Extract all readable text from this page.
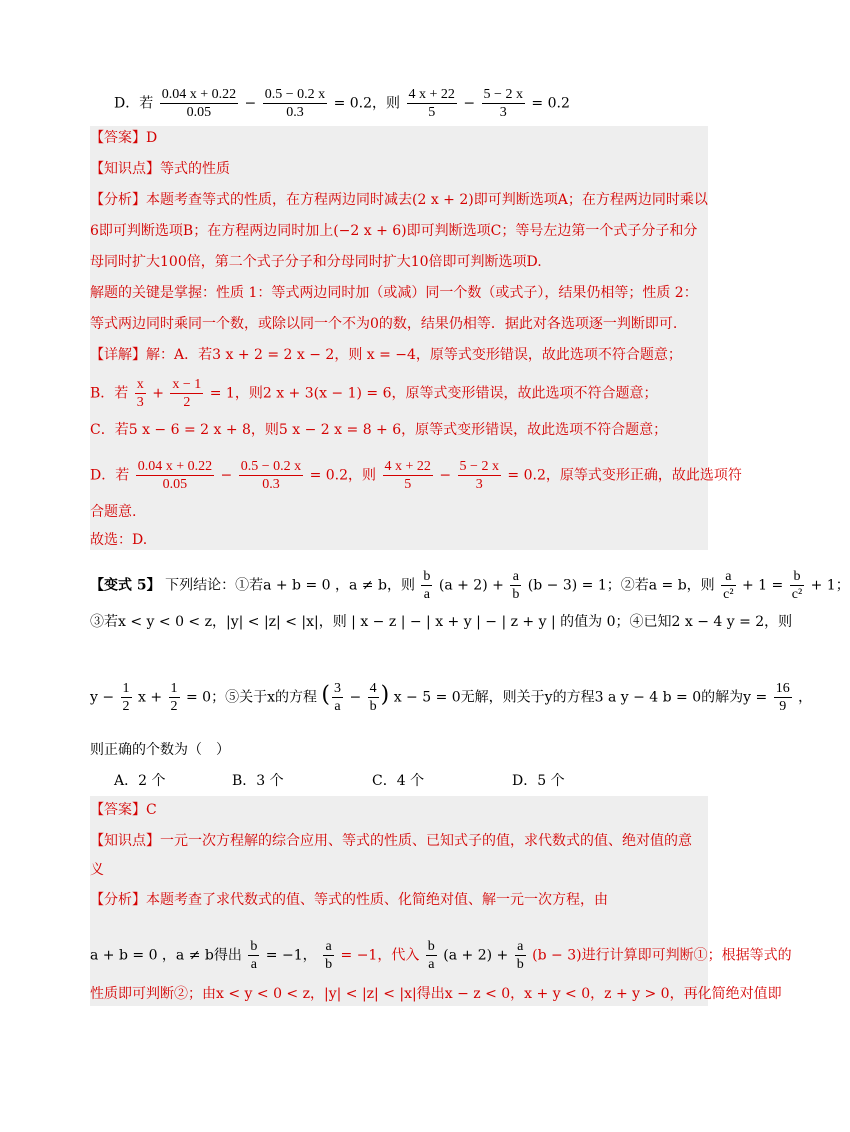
D．若 $\frac{0.04 x + 0.22}{0.05} - \frac{0.5 - 0.2 x}{0.3} = 0.2$，则 $\frac{4 x + 22}{5} - \frac{5 - 2 x}{3} = 0.2$
【答案】D
【知识点】等式的性质
【分析】本题考查等式的性质，在方程两边同时减去(2 x + 2)即可判断选项A；在方程两边同时乘以
6即可判断选项B；在方程两边同时加上(−2 x + 6)即可判断选项C；等号左边第一个式子分子和分
母同时扩大100倍，第二个式子分子和分母同时扩大10倍即可判断选项D.
解题的关键是掌握：性质 1：等式两边同时加（或减）同一个数（或式子），结果仍相等；性质 2：
等式两边同时乘同一个数，或除以同一个不为0的数，结果仍相等．据此对各选项逐一判断即可.
【详解】解：A．若3 x + 2 = 2 x − 2，则 x = −4，原等式变形错误，故此选项不符合题意；
B．若 $\frac{x}{3} + \frac{x - 1}{2} = 1$，则2 x + 3(x − 1) = 6，原等式变形错误，故此选项不符合题意；
C．若5 x − 6 = 2 x + 8，则5 x − 2 x = 8 + 6，原等式变形错误，故此选项不符合题意；
D．若 $\frac{0.04 x + 0.22}{0.05} - \frac{0.5 - 0.2 x}{0.3} = 0.2$，则 $\frac{4 x + 22}{5} - \frac{5 - 2 x}{3} = 0.2$，原等式变形正确，故此选项符
合题意.
故选：D.
【变式 5】 下列结论：①若a + b = 0 ，a ≠ b，则 $\frac{b}{a} (a + 2) + \frac{a}{b} (b - 3) = 1$；②若a = b，则 $\frac{a}{\text{c²}} + 1 = \frac{b}{\text{c²}} + 1$；
③若x < y < 0 < z，|y| < |z| < |x|，则 | x − z | − | x + y | − | z + y | 的值为 0；④已知2 x − 4 y = 2，则
$y - \frac{1}{2}$ $x + \frac{1}{2} = 0$；⑤关于x的方程 ( $\frac{3}{a} - \frac{4}{b}$ ) x − 5 = 0无解，则关于y的方程3 a y − 4 b = 0的解为$y = \frac{16}{9}$ ，
则正确的个数为（　）
A．2 个	B．3 个	C．4 个	D．5 个
【答案】C
【知识点】一元一次方程解的综合应用、等式的性质、已知式子的值，求代数式的值、绝对值的意
义
【分析】本题考查了求代数式的值、等式的性质、化简绝对值、解一元一次方程，由
a + b = 0 ，a ≠ b得出 $\frac{b}{a} = -1$， $\frac{a}{b} = -1$，代入 $\frac{b}{a} (a + 2) + \frac{a}{b} (b - 3)$进行计算即可判断①；根据等式的
性质即可判断②；由x < y < 0 < z，|y| < |z| < |x|得出x − z < 0，x + y < 0，z + y > 0，再化简绝对值即
